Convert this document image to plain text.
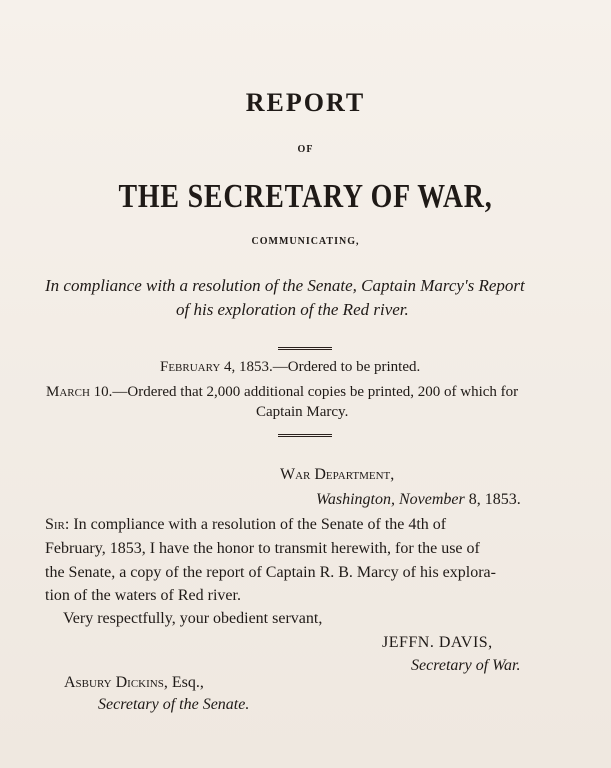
REPORT
OF
THE SECRETARY OF WAR,
COMMUNICATING,
In compliance with a resolution of the Senate, Captain Marcy's Report
of his exploration of the Red river.
February 4, 1853.—Ordered to be printed.
March 10.—Ordered that 2,000 additional copies be printed, 200 of which for
Captain Marcy.
War Department,
Washington, November 8, 1853.
Sir: In compliance with a resolution of the Senate of the 4th of
February, 1853, I have the honor to transmit herewith, for the use of
the Senate, a copy of the report of Captain R. B. Marcy of his explora-
tion of the waters of Red river.
Very respectfully, your obedient servant,
JEFFN. DAVIS,
Secretary of War.
Asbury Dickins, Esq.,
Secretary of the Senate.
